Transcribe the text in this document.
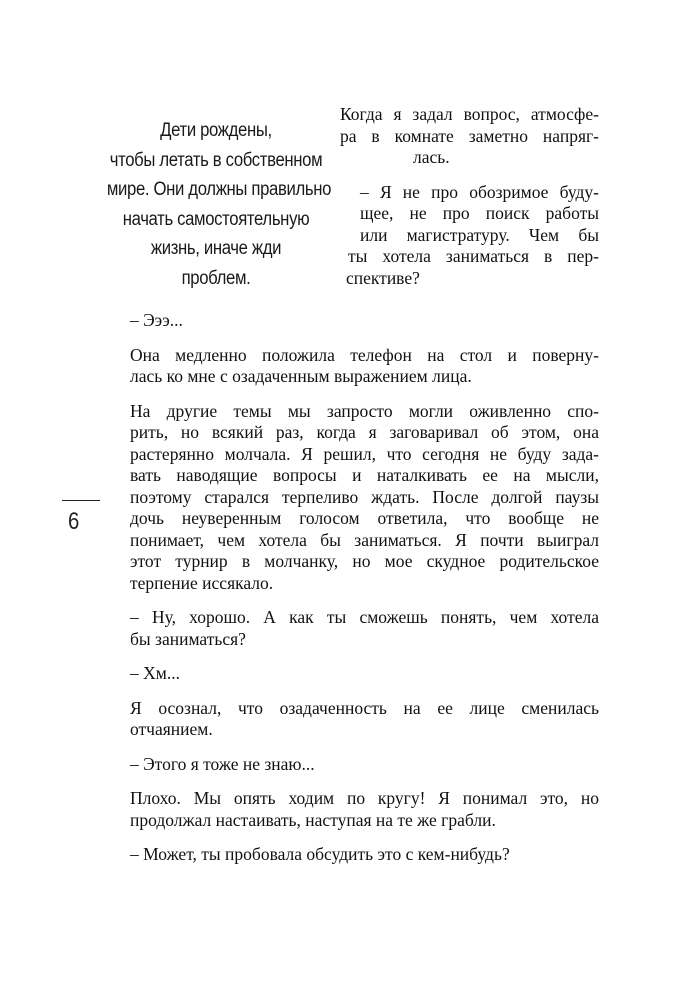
Дети рождены,
чтобы летать в собственном
мире. Они должны правильно
начать самостоятельную
жизнь, иначе жди
проблем.
Когда я задал вопрос, атмосфе-
ра в комнате заметно напряг-
лась.
– Я не про обозримое буду-
щее, не про поиск работы
или магистратуру. Чем бы
ты хотела заниматься в пер-
спективе?
6
– Эээ...
Она медленно положила телефон на стол и поверну-
лась ко мне с озадаченным выражением лица.
На другие темы мы запросто могли оживленно спо-
рить, но всякий раз, когда я заговаривал об этом, она
растерянно молчала. Я решил, что сегодня не буду зада-
вать наводящие вопросы и наталкивать ее на мысли,
поэтому старался терпеливо ждать. После долгой паузы
дочь неуверенным голосом ответила, что вообще не
понимает, чем хотела бы заниматься. Я почти выиграл
этот турнир в молчанку, но мое скудное родительское
терпение иссякало.
– Ну, хорошо. А как ты сможешь понять, чем хотела
бы заниматься?
– Хм...
Я осознал, что озадаченность на ее лице сменилась
отчаянием.
– Этого я тоже не знаю...
Плохо. Мы опять ходим по кругу! Я понимал это, но
продолжал настаивать, наступая на те же грабли.
– Может, ты пробовала обсудить это с кем-нибудь?
